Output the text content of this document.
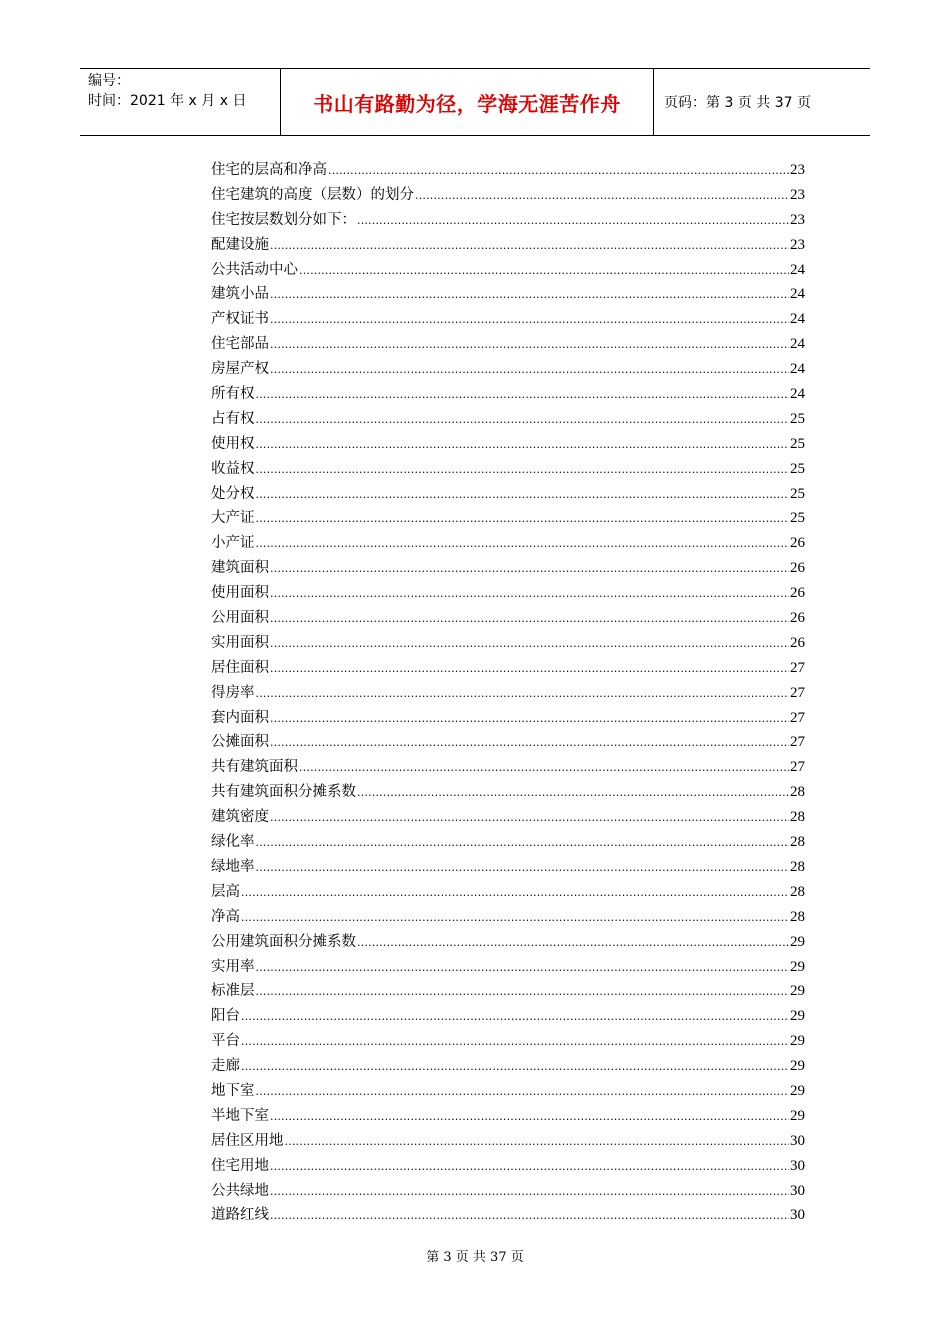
编号：
时间：2021 年 x 月 x 日	书山有路勤为径，学海无涯苦作舟	页码：第 3 页 共 37 页
住宅的层高和净高 .....	23
住宅建筑的高度（层数）的划分 .....	23
住宅按层数划分如下： .....	23
配建设施 .....	23
公共活动中心 .....	24
建筑小品 .....	24
产权证书 .....	24
住宅部品 .....	24
房屋产权 .....	24
所有权 .....	24
占有权 .....	25
使用权 .....	25
收益权 .....	25
处分权 .....	25
大产证 .....	25
小产证 .....	26
建筑面积 .....	26
使用面积 .....	26
公用面积 .....	26
实用面积 .....	26
居住面积 .....	27
得房率 .....	27
套内面积 .....	27
公摊面积 .....	27
共有建筑面积 .....	27
共有建筑面积分摊系数 .....	28
建筑密度 .....	28
绿化率 .....	28
绿地率 .....	28
层高 .....	28
净高 .....	28
公用建筑面积分摊系数 .....	29
实用率 .....	29
标准层 .....	29
阳台 .....	29
平台 .....	29
走廊 .....	29
地下室 .....	29
半地下室 .....	29
居住区用地 .....	30
住宅用地 .....	30
公共绿地 .....	30
道路红线 .....	30
第 3 页 共 37 页
